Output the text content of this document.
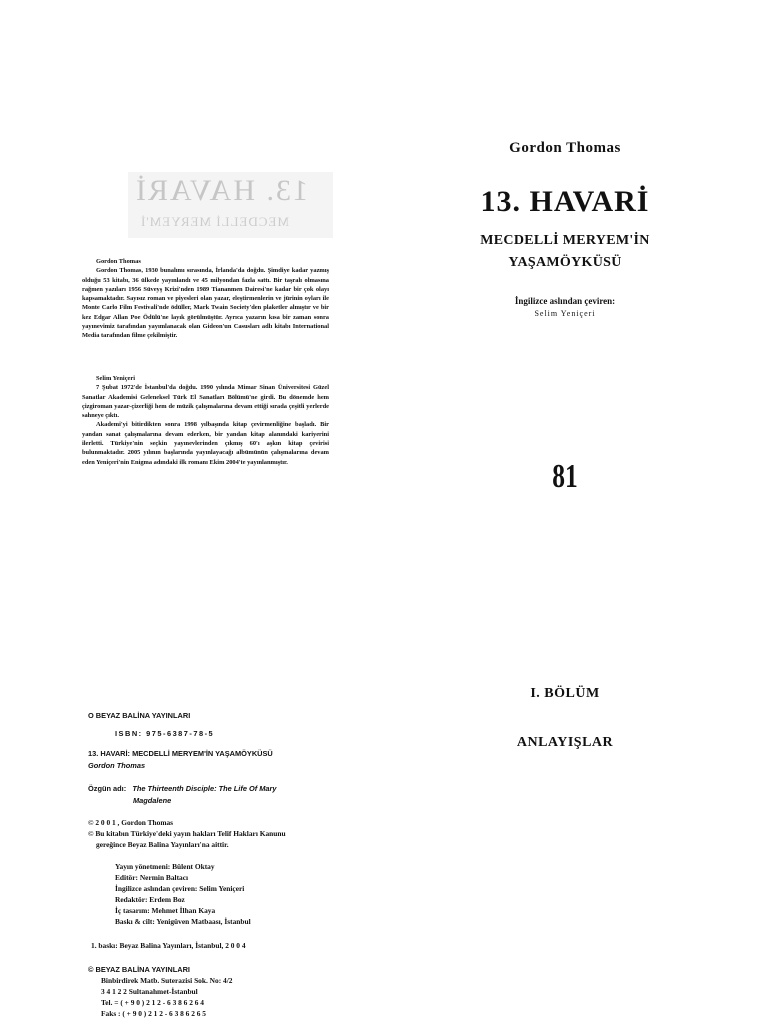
Gordon Thomas
13. HAVARİ
MECDELLİ MERYEM'İN
YAŞAMÖYKÜSÜ
İngilizce aslından çeviren:
Selim Yeniçeri
81
I. BÖLÜM
ANLAYIŞLAR
13. HAVARİ
MECDELLİ MERYEM'İ
Gordon Thomas

Gordon Thomas, 1930 bunalımı sırasında, İrlanda'da doğdu. Şimdiye kadar yazmış olduğu 53 kitabı, 36 ülkede yayınlandı ve 45 milyondan fazla sattı. Bir taşralı olmasına rağmen yazıları 1956 Süveyş Krizi'nden 1989 Tiananmen Dairesi'ne kadar bir çok olayı kapsamaktadır. Sayısız roman ve piyesleri olan yazar, eleştirmenlerin ve jürinin oyları ile Monte Carlo Film Festivali'nde ödüller, Mark Twain Society'den plaketler almıştır ve bir kez Edgar Allan Poe Ödülü'ne layık görülmüştür. Ayrıca yazarın kısa bir zaman sonra yayınevimiz tarafından yayımlanacak olan Gideon'un Casusları adlı kitabı International Media tarafından filme çekilmiştir.

Selim Yeniçeri

7 Şubat 1972'de İstanbul'da doğdu. 1990 yılında Mimar Sinan Üniversitesi Güzel Sanatlar Akademisi Geleneksel Türk El Sanatları Bölümü'ne girdi. Bu dönemde hem çizgiroman yazar-çizerliği hem de müzik çalışmalarına devam ettiği sırada çeşitli yerlerde sahneye çıktı.

Akademi'yi bitirdikten sonra 1998 yılbaşında kitap çevirmenliğine başladı. Bir yandan sanat çalışmalarına devam ederken, bir yandan kitap alanındaki kariyerini ilerletti. Türkiye'nin seçkin yayınevlerinden çıkmış 60'ı aşkın kitap çevirisi bulunmaktadır. 2005 yılının başlarında yayınlayacağı albümünün çalışmalarına devam eden Yeniçeri'nin Enigma adındaki ilk romanı Ekim 2004'te yayınlanmıştır.

O BEYAZ BALİNA YAYINLARI
ISBN: 975-6387-78-5
13. HAVARİ: MECDELLİ MERYEM'İN YAŞAMÖYKÜSÜ
Gordon Thomas
Özgün adı: The Thirteenth Disciple: The Life Of Mary
Magdalene
© 2 0 0 1 , Gordon Thomas
© Bu kitabın Türkiye'deki yayın hakları Telif Hakları Kanunu
gereğince Beyaz Balina Yayınları'na aittir.
Yayın yönetmeni: Bülent Oktay
Editör: Nermin Baltacı
İngilizce aslından çeviren: Selim Yeniçeri
Redaktör: Erdem Boz
İç tasarım: Mehmet İlhan Kaya
Baskı & cilt: Yenigüven Matbaası, İstanbul
1. baskı: Beyaz Balina Yayınları, İstanbul, 2 0 0 4
© BEYAZ BALİNA YAYINLARI
Binbirdirek Matb. Suterazisi Sok. No: 4/2
3 4 1 2 2 Sultanahmet-İstanbul
Tel. = ( + 9 0 ) 2 1 2 - 6 3 8 6 2 6 4
Faks : ( + 9 0 ) 2 1 2 - 6 3 8 6 2 6 5
